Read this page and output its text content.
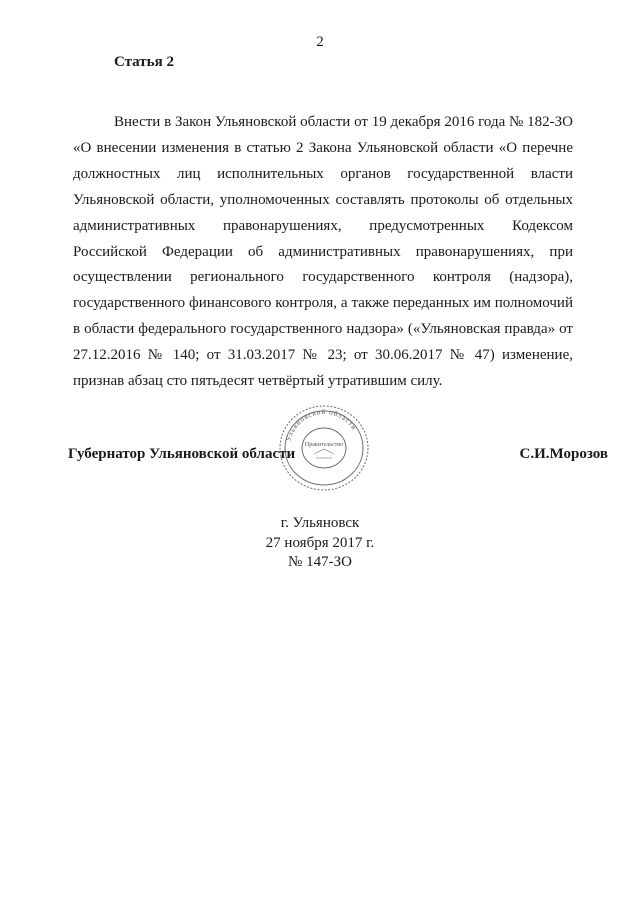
2
Статья 2

Внести в Закон Ульяновской области от 19 декабря 2016 года № 182-ЗО «О внесении изменения в статью 2 Закона Ульяновской области «О перечне должностных лиц исполнительных органов государственной власти Ульяновской области, уполномоченных составлять протоколы об отдельных административных правонарушениях, предусмотренных Кодексом Российской Федерации об административных правонарушениях, при осуществлении регионального государственного контроля (надзора), государственного финансового контроля, а также переданных им полномочий в области федерального государственного надзора» («Ульяновская правда» от 27.12.2016 № 140; от 31.03.2017 № 23; от 30.06.2017 № 47) изменение, признав абзац сто пятьдесят четвёртый утратившим силу.

Ульяновской области
Правительство
Губернатор Ульяновской области	С.И.Морозов
г. Ульяновск
27 ноября 2017 г.
№ 147-ЗО
